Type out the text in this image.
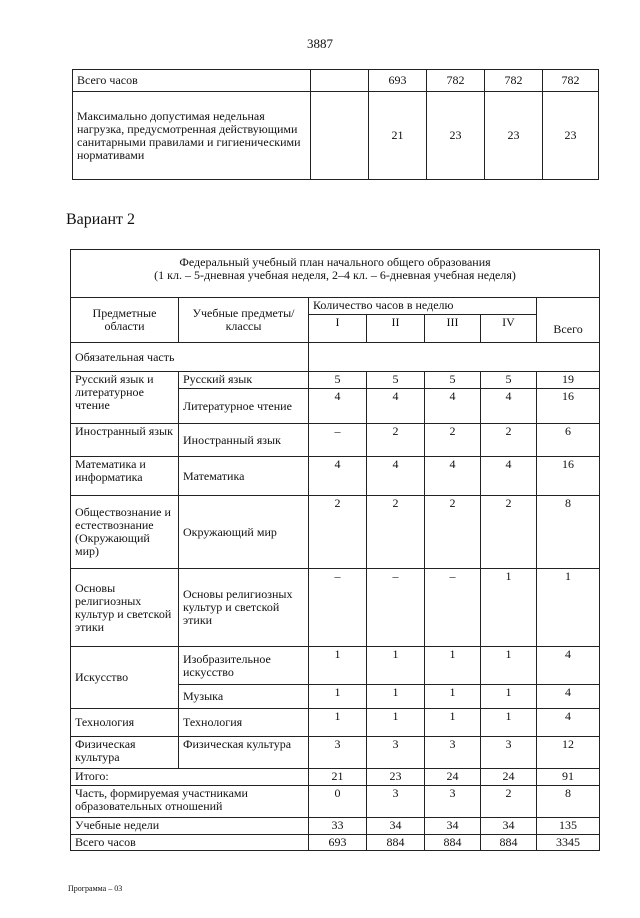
3887
Всего часов		693	782	782	782
Максимально допустимая недельная нагрузка, предусмотренная действующими санитарными правилами и гигиеническими нормативами		21	23	23	23
Вариант 2
Федеральный учебный план начального общего образования
(1 кл. – 5-дневная учебная неделя, 2–4 кл. – 6-дневная учебная неделя)						

Предметные области	Учебные предметы/ классы	Количество часов в неделю				Всего
		I	II	III	IV	
Обязательная часть						
Русский язык и литературное чтение	Русский язык	5	5	5	5	19
	Литературное чтение	4	4	4	4	16
Иностранный язык	Иностранный язык	–	2	2	2	6
Математика и информатика	Математика	4	4	4	4	16
Обществознание и естествознание (Окружающий мир)	Окружающий мир	2	2	2	2	8
Основы религиозных культур и светской этики	Основы религиозных культур и светской этики	–	–	–	1	1
Искусство	Изобразительное искусство	1	1	1	1	4
	Музыка	1	1	1	1	4
Технология	Технология	1	1	1	1	4
Физическая культура	Физическая культура	3	3	3	3	12
Итого:		21	23	24	24	91
Часть, формируемая участниками образовательных отношений		0	3	3	2	8
Учебные недели		33	34	34	34	135
Всего часов		693	884	884	884	3345
Программа – 03
